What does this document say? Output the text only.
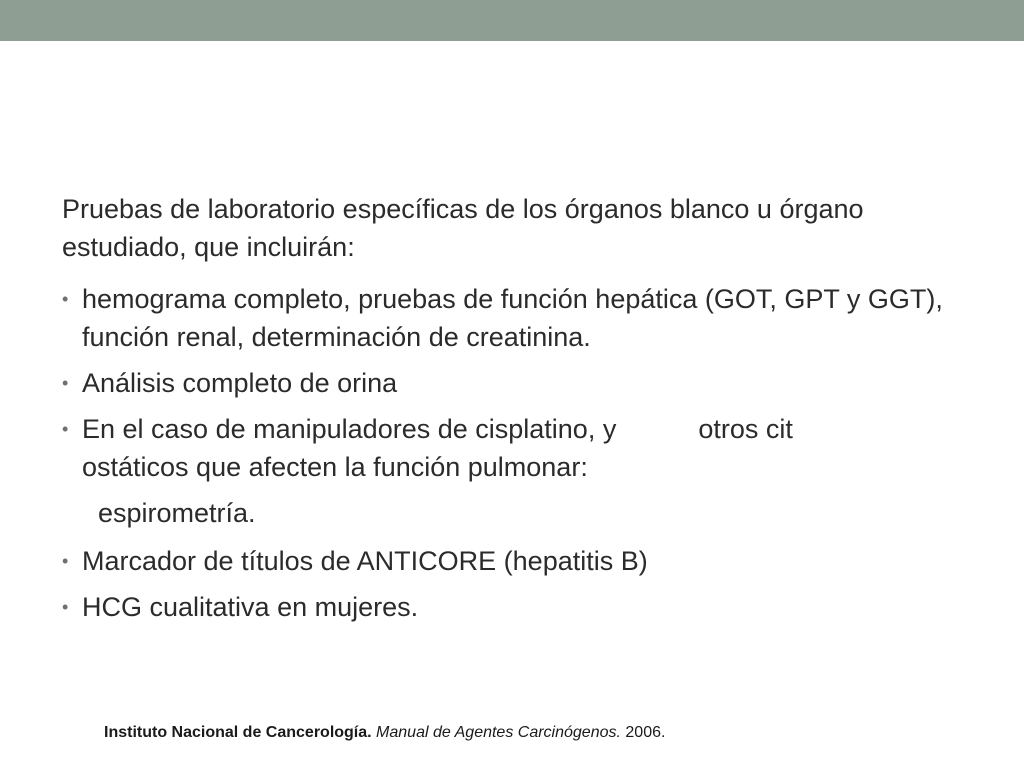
Pruebas de laboratorio específicas de los órganos blanco u órgano estudiado, que incluirán:

• hemograma completo, pruebas de función hepática (GOT, GPT y GGT), función renal, determinación de creatinina.
• Análisis completo de orina
• En el caso de manipuladores de cisplatino, y	otros cit
ostáticos que afecten la función pulmonar:
espirometría.
• Marcador de títulos de ANTICORE (hepatitis B)
• HCG cualitativa en mujeres.
Instituto Nacional de Cancerología. Manual de Agentes Carcinógenos. 2006.
